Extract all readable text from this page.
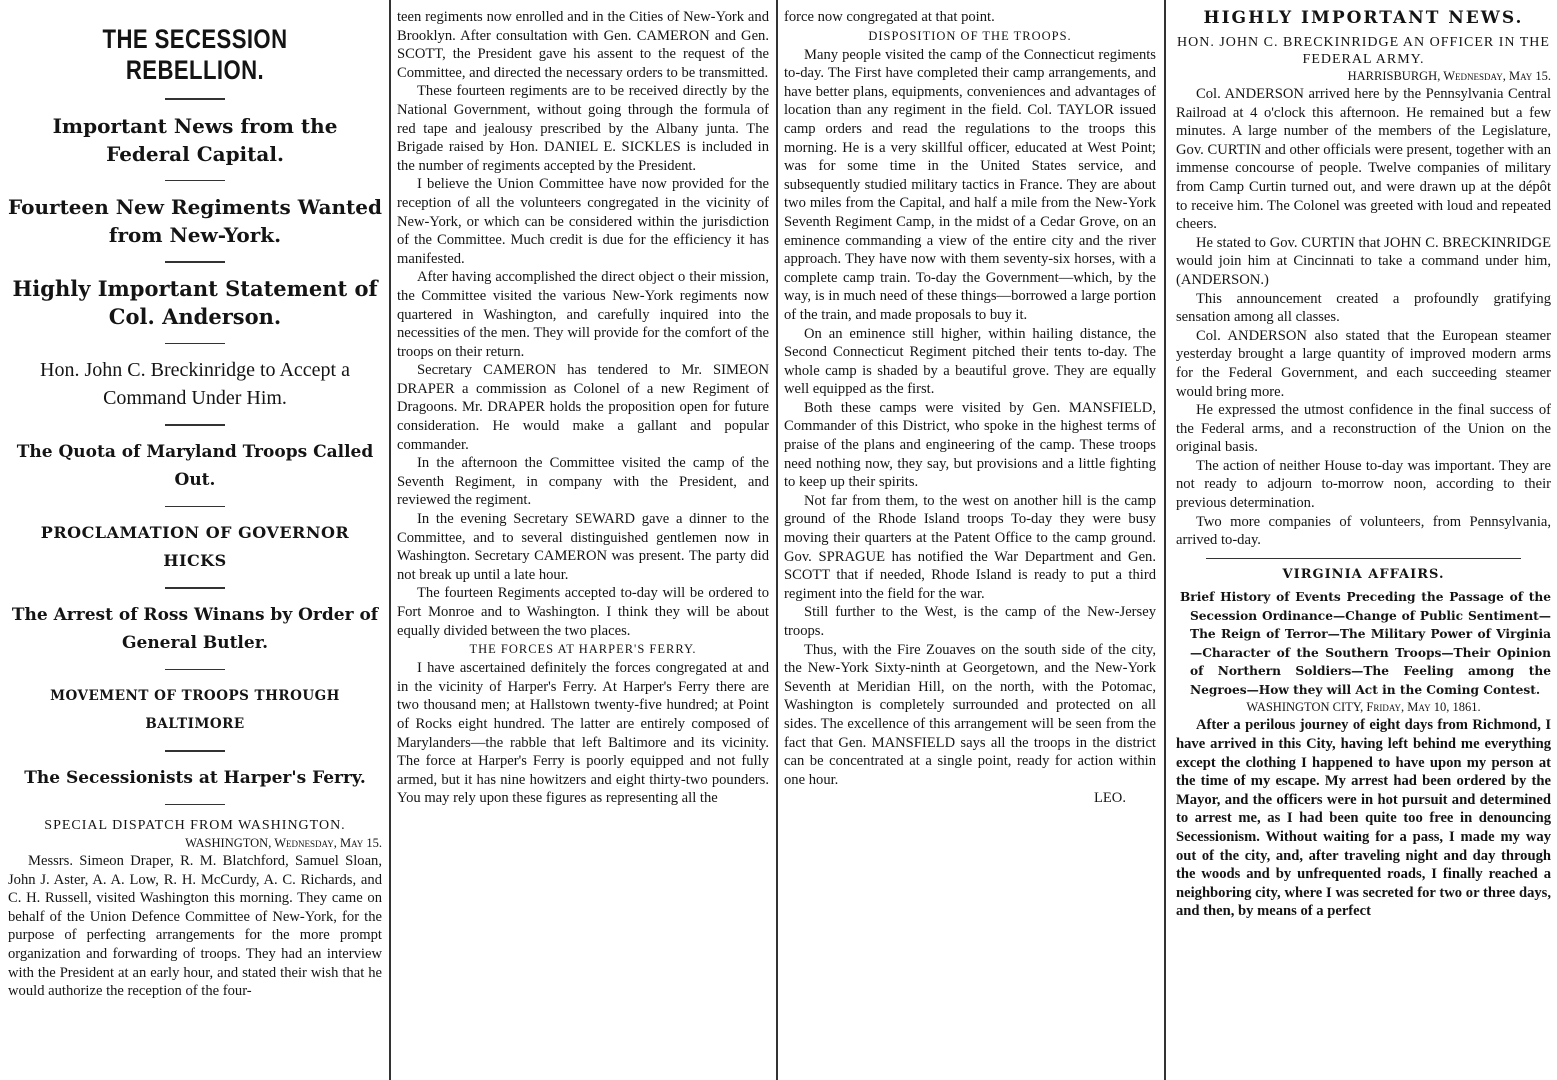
THE SECESSION REBELLION.
Important News from the Federal Capital.
Fourteen New Regiments Wanted from New-York.
Highly Important Statement of Col. Anderson.
Hon. John C. Breckinridge to Accept a Command Under Him.
The Quota of Maryland Troops Called Out.
PROCLAMATION OF GOVERNOR HICKS
The Arrest of Ross Winans by Order of General Butler.
MOVEMENT OF TROOPS THROUGH BALTIMORE
The Secessionists at Harper's Ferry.
SPECIAL DISPATCH FROM WASHINGTON.
WASHINGTON, Wednesday, May 15.

Messrs. Simeon Draper, R. M. Blatchford, Samuel Sloan, John J. Aster, A. A. Low, R. H. McCurdy, A. C. Richards, and C. H. Russell, visited Washington this morning. They came on behalf of the Union Defence Committee of New-York, for the purpose of perfecting arrangements for the more prompt organization and forwarding of troops. They had an interview with the President at an early hour, and stated their wish that he would authorize the reception of the four-

teen regiments now enrolled and in the Cities of New-York and Brooklyn. After consultation with Gen. CAMERON and Gen. SCOTT, the President gave his assent to the request of the Committee, and directed the necessary orders to be transmitted.

These fourteen regiments are to be received directly by the National Government, without going through the formula of red tape and jealousy prescribed by the Albany junta. The Brigade raised by Hon. DANIEL E. SICKLES is included in the number of regiments accepted by the President.

I believe the Union Committee have now provided for the reception of all the volunteers congregated in the vicinity of New-York, or which can be considered within the jurisdiction of the Committee. Much credit is due for the efficiency it has manifested.

After having accomplished the direct object o their mission, the Committee visited the various New-York regiments now quartered in Washington, and carefully inquired into the necessities of the men. They will provide for the comfort of the troops on their return.

Secretary CAMERON has tendered to Mr. SIMEON DRAPER a commission as Colonel of a new Regiment of Dragoons. Mr. DRAPER holds the proposition open for future consideration. He would make a gallant and popular commander.

In the afternoon the Committee visited the camp of the Seventh Regiment, in company with the President, and reviewed the regiment.

In the evening Secretary SEWARD gave a dinner to the Committee, and to several distinguished gentlemen now in Washington. Secretary CAMERON was present. The party did not break up until a late hour.

The fourteen Regiments accepted to-day will be ordered to Fort Monroe and to Washington. I think they will be about equally divided between the two places.

THE FORCES AT HARPER'S FERRY.

I have ascertained definitely the forces congregated at and in the vicinity of Harper's Ferry. At Harper's Ferry there are two thousand men; at Hallstown twenty-five hundred; at Point of Rocks eight hundred. The latter are entirely composed of Marylanders—the rabble that left Baltimore and its vicinity. The force at Harper's Ferry is poorly equipped and not fully armed, but it has nine howitzers and eight thirty-two pounders. You may rely upon these figures as representing all the

force now congregated at that point.

DISPOSITION OF THE TROOPS.

Many people visited the camp of the Connecticut regiments to-day. The First have completed their camp arrangements, and have better plans, equipments, conveniences and advantages of location than any regiment in the field. Col. TAYLOR issued camp orders and read the regulations to the troops this morning. He is a very skillful officer, educated at West Point; was for some time in the United States service, and subsequently studied military tactics in France. They are about two miles from the Capital, and half a mile from the New-York Seventh Regiment Camp, in the midst of a Cedar Grove, on an eminence commanding a view of the entire city and the river approach. They have now with them seventy-six horses, with a complete camp train. To-day the Government—which, by the way, is in much need of these things—borrowed a large portion of the train, and made proposals to buy it.

On an eminence still higher, within hailing distance, the Second Connecticut Regiment pitched their tents to-day. The whole camp is shaded by a beautiful grove. They are equally well equipped as the first.

Both these camps were visited by Gen. MANSFIELD, Commander of this District, who spoke in the highest terms of praise of the plans and engineering of the camp. These troops need nothing now, they say, but provisions and a little fighting to keep up their spirits.

Not far from them, to the west on another hill is the camp ground of the Rhode Island troops To-day they were busy moving their quarters at the Patent Office to the camp ground. Gov. SPRAGUE has notified the War Department and Gen. SCOTT that if needed, Rhode Island is ready to put a third regiment into the field for the war.

Still further to the West, is the camp of the New-Jersey troops.

Thus, with the Fire Zouaves on the south side of the city, the New-York Sixty-ninth at Georgetown, and the New-York Seventh at Meridian Hill, on the north, with the Potomac, Washington is completely surrounded and protected on all sides. The excellence of this arrangement will be seen from the fact that Gen. MANSFIELD says all the troops in the district can be concentrated at a single point, ready for action within one hour.

LEO.

HIGHLY IMPORTANT NEWS.
HON. JOHN C. BRECKINRIDGE AN OFFICER IN THE FEDERAL ARMY.
HARRISBURGH, Wednesday, May 15.

Col. ANDERSON arrived here by the Pennsylvania Central Railroad at 4 o'clock this afternoon. He remained but a few minutes. A large number of the members of the Legislature, Gov. CURTIN and other officials were present, together with an immense concourse of people. Twelve companies of military from Camp Curtin turned out, and were drawn up at the dépôt to receive him. The Colonel was greeted with loud and repeated cheers.

He stated to Gov. CURTIN that JOHN C. BRECKINRIDGE would join him at Cincinnati to take a command under him, (ANDERSON.)

This announcement created a profoundly gratifying sensation among all classes.

Col. ANDERSON also stated that the European steamer yesterday brought a large quantity of improved modern arms for the Federal Government, and each succeeding steamer would bring more.

He expressed the utmost confidence in the final success of the Federal arms, and a reconstruction of the Union on the original basis.

The action of neither House to-day was important. They are not ready to adjourn to-morrow noon, according to their previous determination.

Two more companies of volunteers, from Pennsylvania, arrived to-day.

VIRGINIA AFFAIRS.
Brief History of Events Preceding the Passage of the Secession Ordinance—Change of Public Sentiment—The Reign of Terror—The Military Power of Virginia—Character of the Southern Troops—Their Opinion of Northern Soldiers—The Feeling among the Negroes—How they will Act in the Coming Contest.
WASHINGTON CITY, Friday, May 10, 1861.

After a perilous journey of eight days from Richmond, I have arrived in this City, having left behind me everything except the clothing I happened to have upon my person at the time of my escape. My arrest had been ordered by the Mayor, and the officers were in hot pursuit and determined to arrest me, as I had been quite too free in denouncing Secessionism. Without waiting for a pass, I made my way out of the city, and, after traveling night and day through the woods and by unfrequented roads, I finally reached a neighboring city, where I was secreted for two or three days, and then, by means of a perfect
